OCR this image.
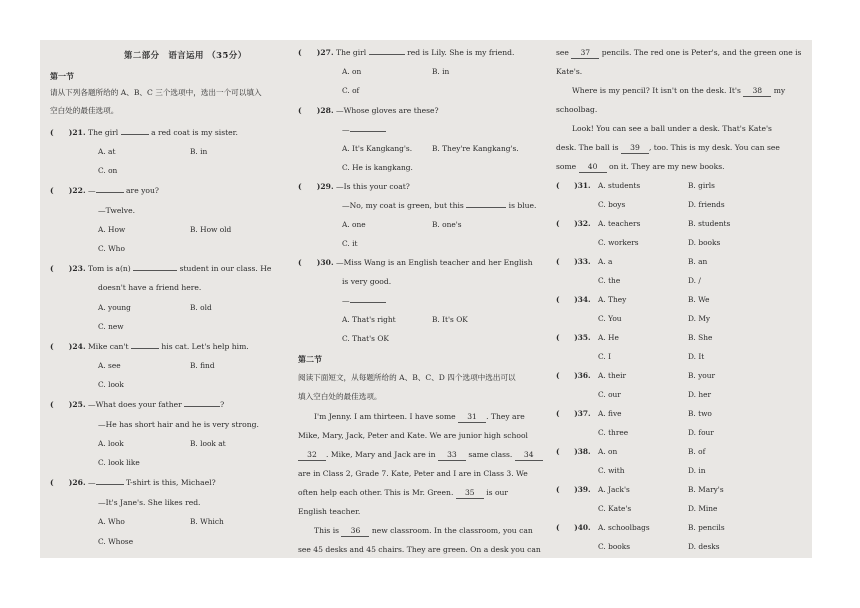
第二部分　语言运用 （35分）
第一节
请从下列各题所给的 A、B、C 三个选项中，选出一个可以填入
空白处的最佳选项。
(　　)21. The girl	a red coat is my sister.
A. at	B. in
C. on
(　　)22. —	are you?
—Twelve.
A. How	B. How old
C. Who
(　　)23. Tom is a(n)	student in our class. He
doesn't have a friend here.
A. young	B. old
C. new
(　　)24. Mike can't	his cat. Let's help him.
A. see	B. find
C. look
(　　)25. —What does your father	?
—He has short hair and he is very strong.
A. look	B. look at
C. look like
(　　)26. —	T-shirt is this, Michael?
—It's Jane's. She likes red.
A. Who	B. Which
C. Whose
(　　)27. The girl	red is Lily. She is my friend.
A. on	B. in
C. of
(　　)28. —Whose gloves are these?
—
A. It's Kangkang's.	B. They're Kangkang's.
C. He is kangkang.
(　　)29. —Is this your coat?
—No, my coat is green, but this	is blue.
A. one	B. one's
C. it
(　　)30. —Miss Wang is an English teacher and her English
is very good.
—
A. That's right	B. It's OK
C. That's OK
第二节
阅读下面短文，从每题所给的 A、B、C、D 四个选项中选出可以
填入空白处的最佳选项。
I'm Jenny. I am thirteen. I have some 31 . They are
Mike, Mary, Jack, Peter and Kate. We are junior high school
32 . Mike, Mary and Jack are in 33 same class. 34
are in Class 2, Grade 7. Kate, Peter and I are in Class 3. We
often help each other. This is Mr. Green. 35 is our
English teacher.
This is 36 new classroom. In the classroom, you can
see 45 desks and 45 chairs. They are green. On a desk you can
see 37 pencils. The red one is Peter's, and the green one is
Kate's.
Where is my pencil? It isn't on the desk. It's 38 my
schoolbag.
Look! You can see a ball under a desk. That's Kate's
desk. The ball is 39 , too. This is my desk. You can see
some 40 on it. They are my new books.
(　　)31. A. students	B. girls
C. boys	D. friends
(　　)32. A. teachers	B. students
C. workers	D. books
(　　)33. A. a	B. an
C. the	D. /
(　　)34. A. They	B. We
C. You	D. My
(　　)35. A. He	B. She
C. I	D. It
(　　)36. A. their	B. your
C. our	D. her
(　　)37. A. five	B. two
C. three	D. four
(　　)38. A. on	B. of
C. with	D. in
(　　)39. A. Jack's	B. Mary's
C. Kate's	D. Mine
(　　)40. A. schoolbags	B. pencils
C. books	D. desks
